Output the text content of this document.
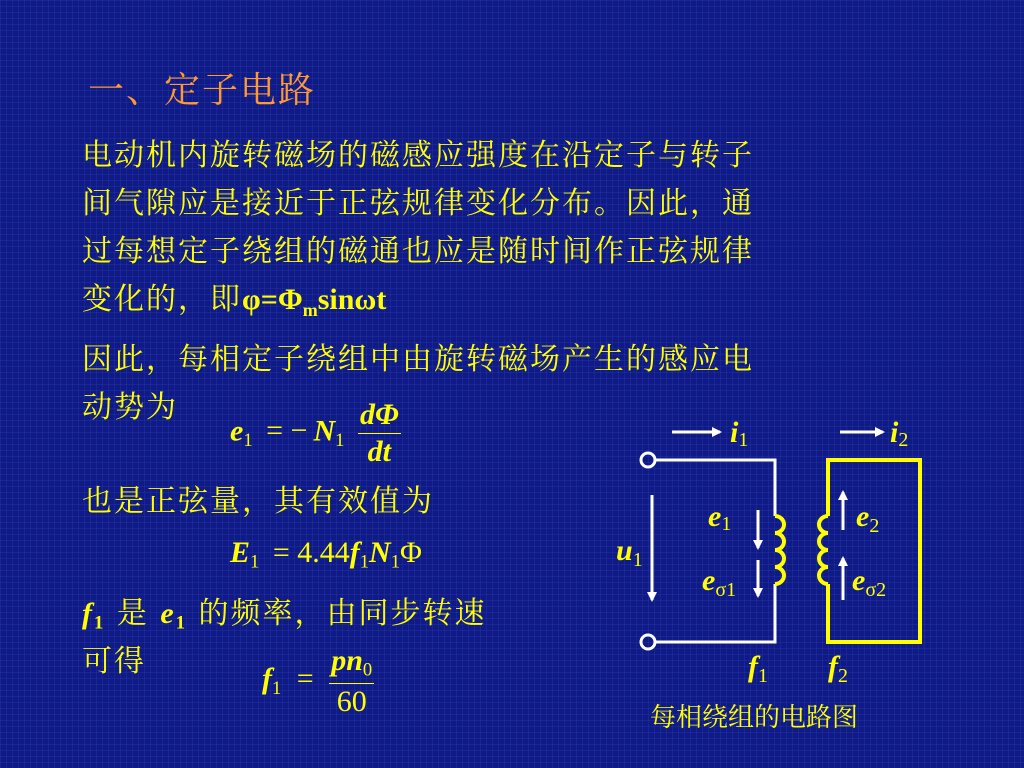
一、定子电路
电动机内旋转磁场的磁感应强度在沿定子与转子
间气隙应是接近于正弦规律变化分布。因此，通
过每想定子绕组的磁通也应是随时间作正弦规律
变化的，即$\varphi=\Phi_m\sin\omega t$
因此，每相定子绕组中由旋转磁场产生的感应电
动势为
$e_1$ = − $N_1 \frac{d\Phi}{dt}$
也是正弦量，其有效值为
$E_1 = 4.44f_1N_1\Phi$
$f_1$ 是 $e_1$ 的频率，由同步转速
可得	$f_1 = \frac{pn_0}{60}$
i1	i2
$u_1$
e1
$e_{\sigma 1}$
$e_2$
$e_{\sigma 2}$
$f_1$ $f_2$
每相绕组的电路图
